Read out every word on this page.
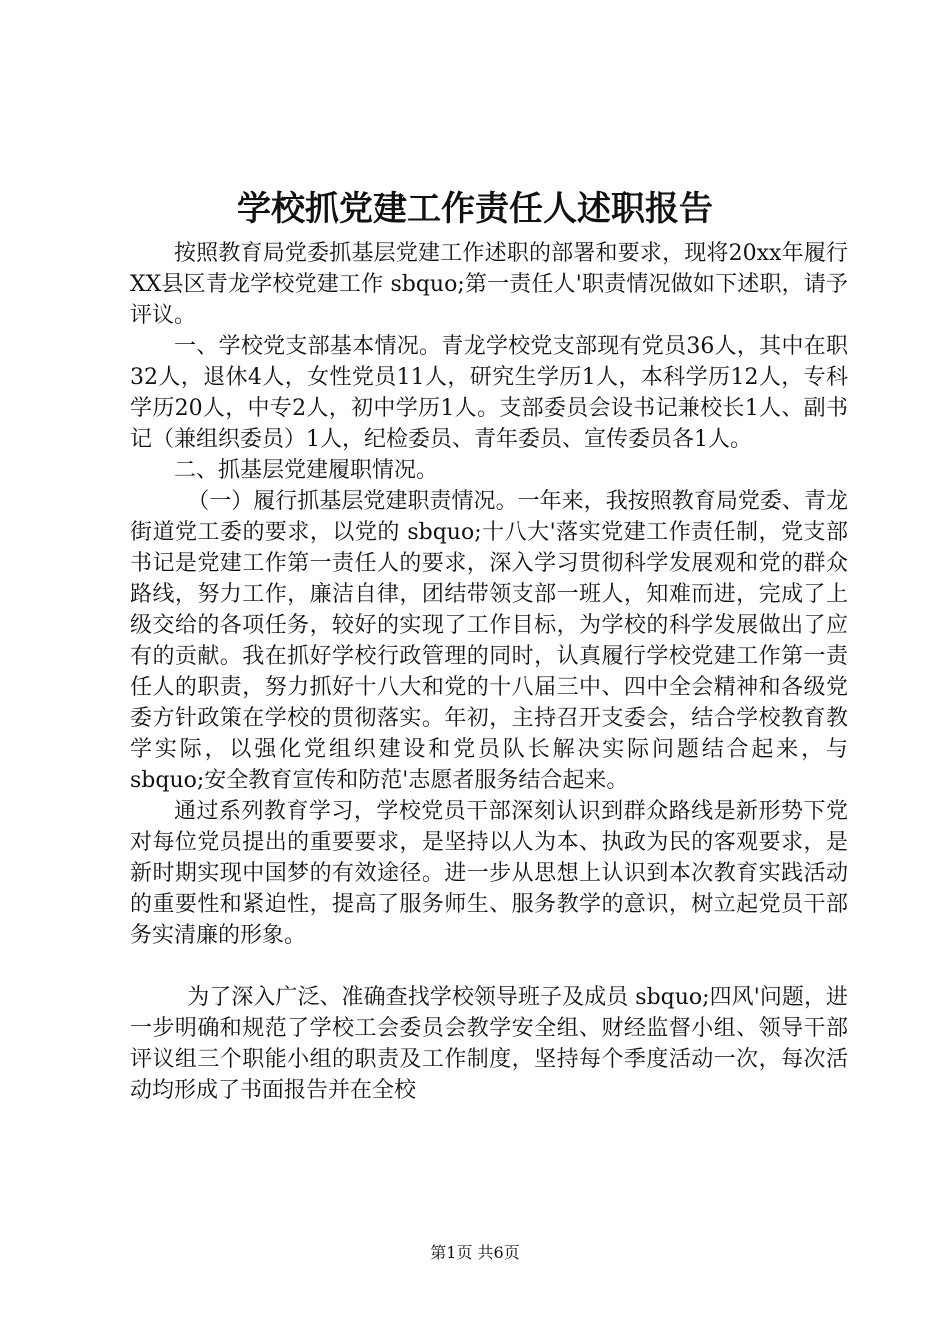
学校抓党建工作责任人述职报告

按照教育局党委抓基层党建工作述职的部署和要求，现将20xx年履行XX县区青龙学校党建工作 sbquo;第一责任人'职责情况做如下述职，请予评议。

一、学校党支部基本情况。青龙学校党支部现有党员36人，其中在职32人，退休4人，女性党员11人，研究生学历1人，本科学历12人，专科学历20人，中专2人，初中学历1人。支部委员会设书记兼校长1人、副书记（兼组织委员）1人，纪检委员、青年委员、宣传委员各1人。

二、抓基层党建履职情况。

（一）履行抓基层党建职责情况。一年来，我按照教育局党委、青龙街道党工委的要求，以党的 sbquo;十八大'落实党建工作责任制，党支部书记是党建工作第一责任人的要求，深入学习贯彻科学发展观和党的群众路线，努力工作，廉洁自律，团结带领支部一班人，知难而进，完成了上级交给的各项任务，较好的实现了工作目标，为学校的科学发展做出了应有的贡献。我在抓好学校行政管理的同时，认真履行学校党建工作第一责任人的职责，努力抓好十八大和党的十八届三中、四中全会精神和各级党委方针政策在学校的贯彻落实。年初，主持召开支委会，结合学校教育教学实际，以强化党组织建设和党员队长解决实际问题结合起来，与 sbquo;安全教育宣传和防范'志愿者服务结合起来。

通过系列教育学习，学校党员干部深刻认识到群众路线是新形势下党对每位党员提出的重要要求，是坚持以人为本、执政为民的客观要求，是新时期实现中国梦的有效途径。进一步从思想上认识到本次教育实践活动的重要性和紧迫性，提高了服务师生、服务教学的意识，树立起党员干部务实清廉的形象。

为了深入广泛、准确查找学校领导班子及成员 sbquo;四风'问题，进一步明确和规范了学校工会委员会教学安全组、财经监督小组、领导干部评议组三个职能小组的职责及工作制度，坚持每个季度活动一次，每次活动均形成了书面报告并在全校

第1页 共6页
